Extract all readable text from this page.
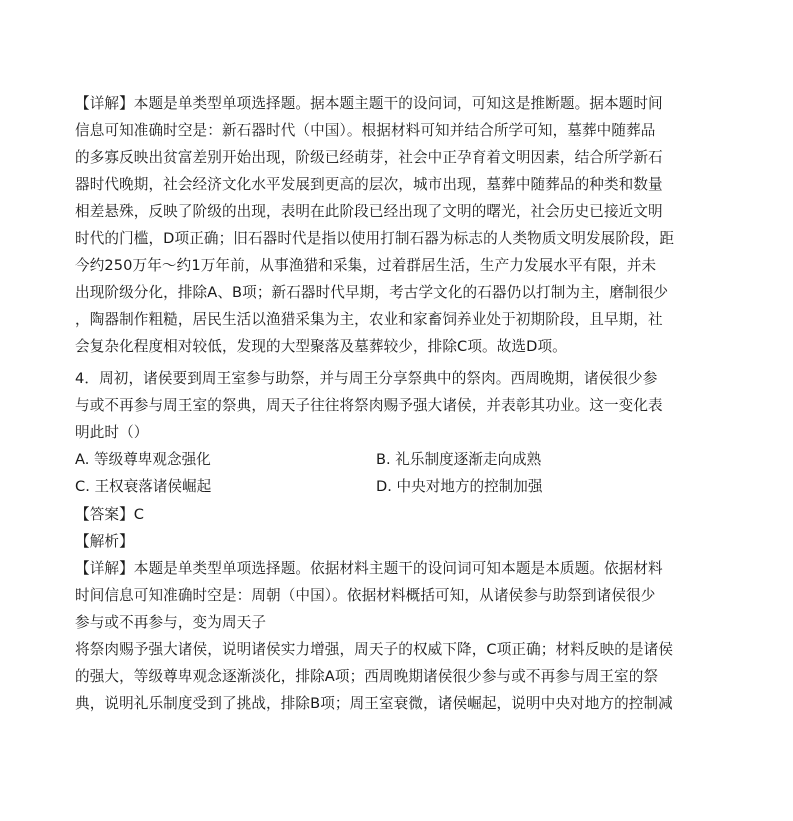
【详解】本题是单类型单项选择题。据本题主题干的设问词，可知这是推断题。据本题时间
信息可知准确时空是：新石器时代（中国）。根据材料可知并结合所学可知，墓葬中随葬品
的多寡反映出贫富差别开始出现，阶级已经萌芽，社会中正孕育着文明因素，结合所学新石
器时代晚期，社会经济文化水平发展到更高的层次，城市出现，墓葬中随葬品的种类和数量
相差悬殊，反映了阶级的出现，表明在此阶段已经出现了文明的曙光，社会历史已接近文明
时代的门槛，D项正确；旧石器时代是指以使用打制石器为标志的人类物质文明发展阶段，距
今约250万年～约1万年前，从事渔猎和采集，过着群居生活，生产力发展水平有限，并未
出现阶级分化，排除A、B项；新石器时代早期，考古学文化的石器仍以打制为主，磨制很少
，陶器制作粗糙，居民生活以渔猎采集为主，农业和家畜饲养业处于初期阶段，且早期，社
会复杂化程度相对较低，发现的大型聚落及墓葬较少，排除C项。故选D项。
4．周初，诸侯要到周王室参与助祭，并与周王分享祭典中的祭肉。西周晚期，诸侯很少参
与或不再参与周王室的祭典，周天子往往将祭肉赐予强大诸侯，并表彰其功业。这一变化表
明此时（）
A. 等级尊卑观念强化	B. 礼乐制度逐渐走向成熟
C. 王权衰落诸侯崛起	D. 中央对地方的控制加强
【答案】C
【解析】
【详解】本题是单类型单项选择题。依据材料主题干的设问词可知本题是本质题。依据材料
时间信息可知准确时空是：周朝（中国）。依据材料概括可知，从诸侯参与助祭到诸侯很少
参与或不再参与，变为周天子
将祭肉赐予强大诸侯，说明诸侯实力增强，周天子的权威下降，C项正确；材料反映的是诸侯
的强大，等级尊卑观念逐渐淡化，排除A项；西周晚期诸侯很少参与或不再参与周王室的祭
典，说明礼乐制度受到了挑战，排除B项；周王室衰微，诸侯崛起，说明中央对地方的控制减
